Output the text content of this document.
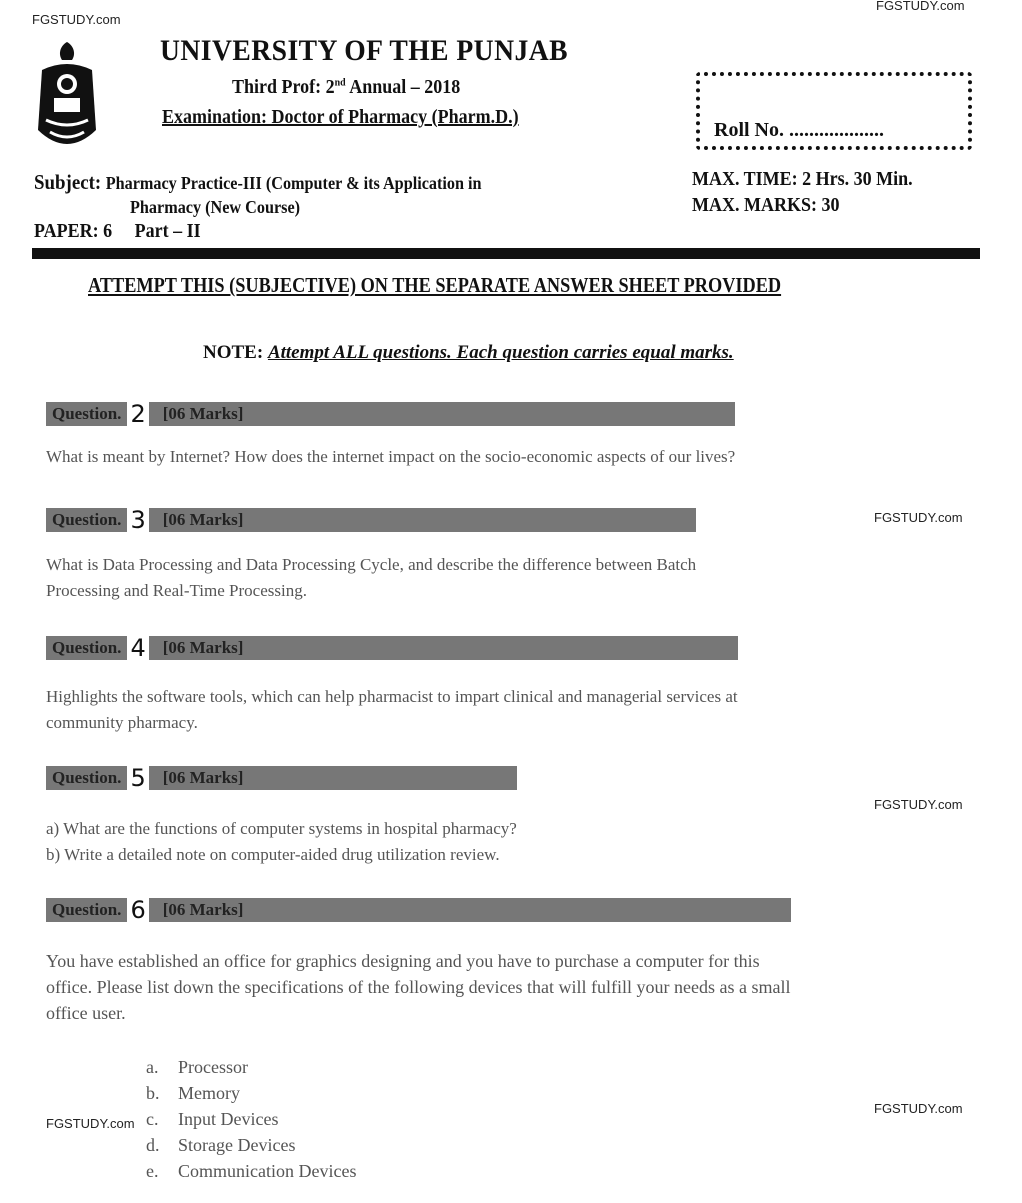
FGSTUDY.com
FGSTUDY.com
FGSTUDY.com
FGSTUDY.com
FGSTUDY.com
FGSTUDY.com
UNIVERSITY OF THE PUNJAB
Third Prof: 2nd Annual – 2018
Examination: Doctor of Pharmacy (Pharm.D.)
Roll No. ...................
Subject: Pharmacy Practice-III (Computer & its Application in
Pharmacy (New Course)
PAPER: 6     Part – II
MAX. TIME: 2 Hrs. 30 Min.
MAX. MARKS: 30
ATTEMPT THIS (SUBJECTIVE) ON THE SEPARATE ANSWER SHEET PROVIDED
NOTE: Attempt ALL questions. Each question carries equal marks.
Question. 2 [06 Marks]
What is meant by Internet? How does the internet impact on the socio-economic aspects of our lives?
Question. 3 [06 Marks]
What is Data Processing and Data Processing Cycle, and describe the difference between Batch
Processing and Real-Time Processing.
Question. 4 [06 Marks]
Highlights the software tools, which can help pharmacist to impart clinical and managerial services at
community pharmacy.
Question. 5 [06 Marks]
a) What are the functions of computer systems in hospital pharmacy?
b) Write a detailed note on computer-aided drug utilization review.
Question. 6 [06 Marks]
You have established an office for graphics designing and you have to purchase a computer for this
office. Please list down the specifications of the following devices that will fulfill your needs as a small
office user.
a. Processor
b. Memory
c. Input Devices
d. Storage Devices
e. Communication Devices
